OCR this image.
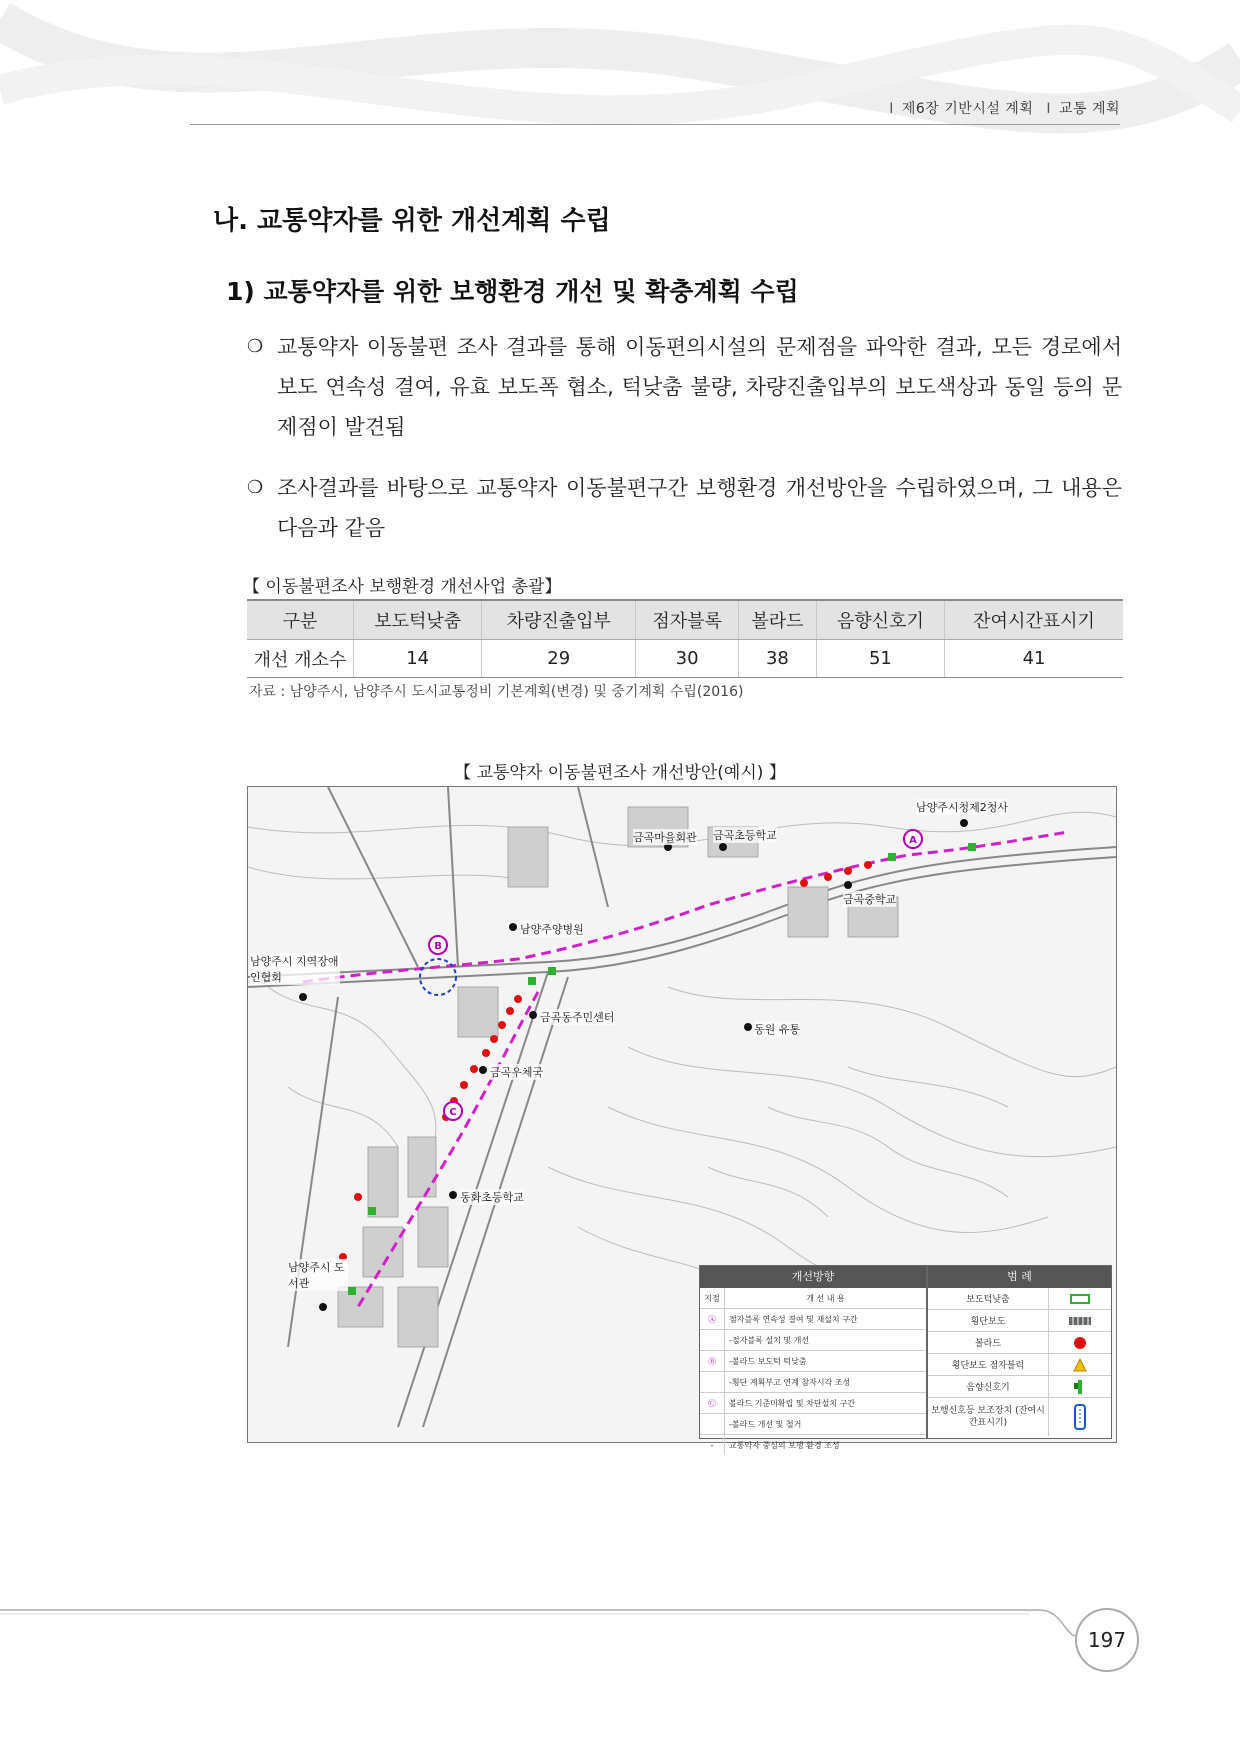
I 제6장 기반시설 계획 I 교통 계획
나. 교통약자를 위한 개선계획 수립
1) 교통약자를 위한 보행환경 개선 및 확충계획 수립
❍ 교통약자 이동불편 조사 결과를 통해 이동편의시설의 문제점을 파악한 결과, 모든 경로에서 보도 연속성 결여, 유효 보도폭 협소, 턱낮춤 불량, 차량진출입부의 보도색상과 동일 등의 문제점이 발견됨
❍ 조사결과를 바탕으로 교통약자 이동불편구간 보행환경 개선방안을 수립하였으며, 그 내용은 다음과 같음
【 이동불편조사 보행환경 개선사업 총괄】
구분	보도턱낮춤	차량진출입부	점자블록	볼라드	음향신호기	잔여시간표시기
개선 개소수	14	29	30	38	51	41
자료 : 남양주시, 남양주시 도시교통정비 기본계획(변경) 및 중기계획 수립(2016)
【 교통약자 이동불편조사 개선방안(예시) 】
A
B
C
남양주시청제2청사
금곡초등학교
금곡마을회관
금곡중학교
남양주양병원
남양주시 지역장애인협회
금곡동주민센터
동원 유통
금곡우체국
동화초등학교
남양주시 도서관
개선방향
지점	개 선 내 용
Ⓐ	점자블록 연속성 결여 및 재설치 구간
-점자블록 설치 및 개선
Ⓑ	-볼라드 보도턱 턱낮춤
-횡단 계획부고 연계 참자시각 조성
Ⓒ	볼라드 기준미확립 및 차단설치 구간
-볼라드 개선 및 철거
-	교통약자 중심의 보행 환경 조성
범 례
보도턱낮춤
횡단보도
볼라드
횡단보도 점자블럭
음향신호기
보행신호등 보조장치 (잔여시간표시기)
197
